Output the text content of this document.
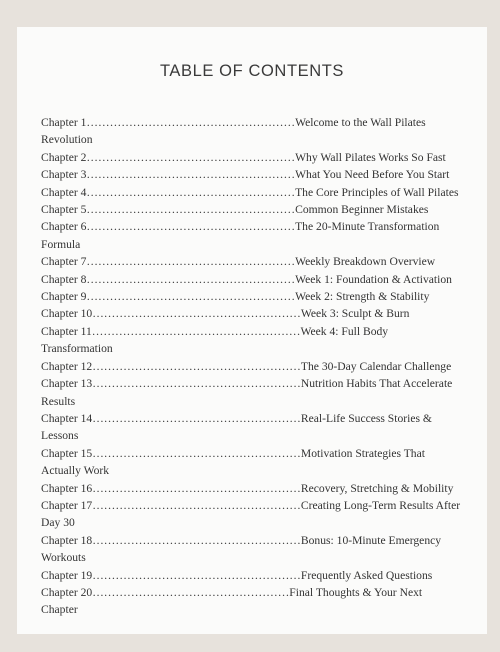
TABLE OF CONTENTS

Chapter 1………………………………………………Welcome to the Wall Pilates Revolution

Chapter 2………………………………………………Why Wall Pilates Works So Fast

Chapter 3………………………………………………What You Need Before You Start

Chapter 4………………………………………………The Core Principles of Wall Pilates

Chapter 5………………………………………………Common Beginner Mistakes

Chapter 6………………………………………………The 20-Minute Transformation Formula

Chapter 7………………………………………………Weekly Breakdown Overview

Chapter 8………………………………………………Week 1: Foundation & Activation

Chapter 9………………………………………………Week 2: Strength & Stability

Chapter 10………………………………………………Week 3: Sculpt & Burn

Chapter 11………………………………………………Week 4: Full Body Transformation

Chapter 12………………………………………………The 30-Day Calendar Challenge

Chapter 13………………………………………………Nutrition Habits That Accelerate Results

Chapter 14………………………………………………Real-Life Success Stories & Lessons

Chapter 15………………………………………………Motivation Strategies That Actually Work

Chapter 16………………………………………………Recovery, Stretching & Mobility

Chapter 17………………………………………………Creating Long-Term Results After Day 30

Chapter 18………………………………………………Bonus: 10-Minute Emergency Workouts

Chapter 19………………………………………………Frequently Asked Questions

Chapter 20……………………………………………Final Thoughts & Your Next Chapter
